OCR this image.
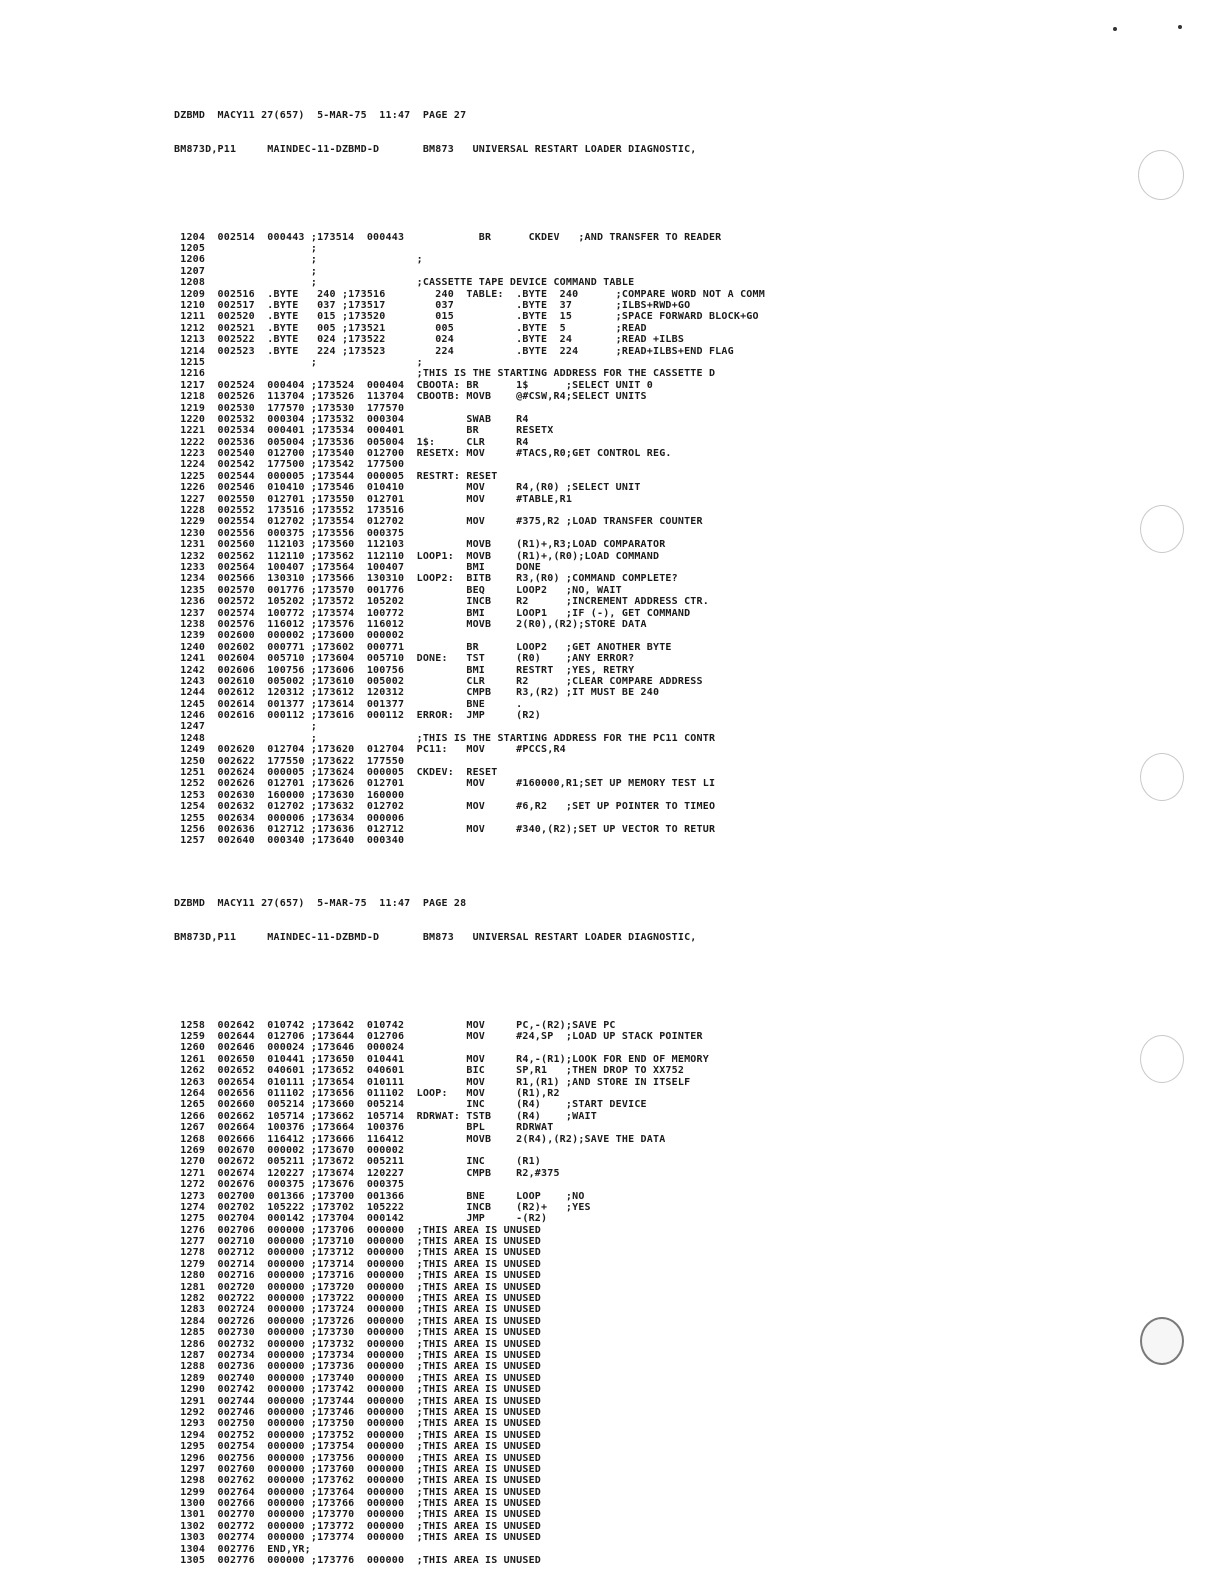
DZBMD  MACY11 27(657)  5-MAR-75  11:47  PAGE 27

BM873D,P11     MAINDEC-11-DZBMD-D       BM873   UNIVERSAL RESTART LOADER DIAGNOSTIC,

1204  002514  000443 ;173514  000443            BR      CKDEV   ;AND TRANSFER TO READER
1205                 ;
1206                 ;                ;
1207                 ;
1208                 ;                ;CASSETTE TAPE DEVICE COMMAND TABLE
1209  002516  .BYTE   240 ;173516        240  TABLE:  .BYTE  240      ;COMPARE WORD NOT A COMM
1210  002517  .BYTE   037 ;173517        037          .BYTE  37       ;ILBS+RWD+GO
1211  002520  .BYTE   015 ;173520        015          .BYTE  15       ;SPACE FORWARD BLOCK+GO
1212  002521  .BYTE   005 ;173521        005          .BYTE  5        ;READ
1213  002522  .BYTE   024 ;173522        024          .BYTE  24       ;READ +ILBS
1214  002523  .BYTE   224 ;173523        224          .BYTE  224      ;READ+ILBS+END FLAG
1215                 ;                ;
1216                                  ;THIS IS THE STARTING ADDRESS FOR THE CASSETTE D
1217  002524  000404 ;173524  000404  CBOOTA: BR      1$      ;SELECT UNIT 0
1218  002526  113704 ;173526  113704  CBOOTB: MOVB    @#CSW,R4;SELECT UNITS
1219  002530  177570 ;173530  177570
1220  002532  000304 ;173532  000304          SWAB    R4
1221  002534  000401 ;173534  000401          BR      RESETX
1222  002536  005004 ;173536  005004  1$:     CLR     R4
1223  002540  012700 ;173540  012700  RESETX: MOV     #TACS,R0;GET CONTROL REG.
1224  002542  177500 ;173542  177500
1225  002544  000005 ;173544  000005  RESTRT: RESET
1226  002546  010410 ;173546  010410          MOV     R4,(R0) ;SELECT UNIT
1227  002550  012701 ;173550  012701          MOV     #TABLE,R1
1228  002552  173516 ;173552  173516
1229  002554  012702 ;173554  012702          MOV     #375,R2 ;LOAD TRANSFER COUNTER
1230  002556  000375 ;173556  000375
1231  002560  112103 ;173560  112103          MOVB    (R1)+,R3;LOAD COMPARATOR
1232  002562  112110 ;173562  112110  LOOP1:  MOVB    (R1)+,(R0);LOAD COMMAND
1233  002564  100407 ;173564  100407          BMI     DONE
1234  002566  130310 ;173566  130310  LOOP2:  BITB    R3,(R0) ;COMMAND COMPLETE?
1235  002570  001776 ;173570  001776          BEQ     LOOP2   ;NO, WAIT
1236  002572  105202 ;173572  105202          INCB    R2      ;INCREMENT ADDRESS CTR.
1237  002574  100772 ;173574  100772          BMI     LOOP1   ;IF (-), GET COMMAND
1238  002576  116012 ;173576  116012          MOVB    2(R0),(R2);STORE DATA
1239  002600  000002 ;173600  000002
1240  002602  000771 ;173602  000771          BR      LOOP2   ;GET ANOTHER BYTE
1241  002604  005710 ;173604  005710  DONE:   TST     (R0)    ;ANY ERROR?
1242  002606  100756 ;173606  100756          BMI     RESTRT  ;YES, RETRY
1243  002610  005002 ;173610  005002          CLR     R2      ;CLEAR COMPARE ADDRESS
1244  002612  120312 ;173612  120312          CMPB    R3,(R2) ;IT MUST BE 240
1245  002614  001377 ;173614  001377          BNE     .
1246  002616  000112 ;173616  000112  ERROR:  JMP     (R2)
1247                 ;
1248                 ;                ;THIS IS THE STARTING ADDRESS FOR THE PC11 CONTR
1249  002620  012704 ;173620  012704  PC11:   MOV     #PCCS,R4
1250  002622  177550 ;173622  177550
1251  002624  000005 ;173624  000005  CKDEV:  RESET
1252  002626  012701 ;173626  012701          MOV     #160000,R1;SET UP MEMORY TEST LI
1253  002630  160000 ;173630  160000
1254  002632  012702 ;173632  012702          MOV     #6,R2   ;SET UP POINTER TO TIMEO
1255  002634  000006 ;173634  000006
1256  002636  012712 ;173636  012712          MOV     #340,(R2);SET UP VECTOR TO RETUR
1257  002640  000340 ;173640  000340

DZBMD  MACY11 27(657)  5-MAR-75  11:47  PAGE 28

BM873D,P11     MAINDEC-11-DZBMD-D       BM873   UNIVERSAL RESTART LOADER DIAGNOSTIC,

1258  002642  010742 ;173642  010742          MOV     PC,-(R2);SAVE PC
1259  002644  012706 ;173644  012706          MOV     #24,SP  ;LOAD UP STACK POINTER
1260  002646  000024 ;173646  000024
1261  002650  010441 ;173650  010441          MOV     R4,-(R1);LOOK FOR END OF MEMORY
1262  002652  040601 ;173652  040601          BIC     SP,R1   ;THEN DROP TO XX752
1263  002654  010111 ;173654  010111          MOV     R1,(R1) ;AND STORE IN ITSELF
1264  002656  011102 ;173656  011102  LOOP:   MOV     (R1),R2
1265  002660  005214 ;173660  005214          INC     (R4)    ;START DEVICE
1266  002662  105714 ;173662  105714  RDRWAT: TSTB    (R4)    ;WAIT
1267  002664  100376 ;173664  100376          BPL     RDRWAT
1268  002666  116412 ;173666  116412          MOVB    2(R4),(R2);SAVE THE DATA
1269  002670  000002 ;173670  000002
1270  002672  005211 ;173672  005211          INC     (R1)
1271  002674  120227 ;173674  120227          CMPB    R2,#375
1272  002676  000375 ;173676  000375
1273  002700  001366 ;173700  001366          BNE     LOOP    ;NO
1274  002702  105222 ;173702  105222          INCB    (R2)+   ;YES
1275  002704  000142 ;173704  000142          JMP     -(R2)
1276  002706  000000 ;173706  000000  ;THIS AREA IS UNUSED
1277  002710  000000 ;173710  000000  ;THIS AREA IS UNUSED
1278  002712  000000 ;173712  000000  ;THIS AREA IS UNUSED
1279  002714  000000 ;173714  000000  ;THIS AREA IS UNUSED
1280  002716  000000 ;173716  000000  ;THIS AREA IS UNUSED
1281  002720  000000 ;173720  000000  ;THIS AREA IS UNUSED
1282  002722  000000 ;173722  000000  ;THIS AREA IS UNUSED
1283  002724  000000 ;173724  000000  ;THIS AREA IS UNUSED
1284  002726  000000 ;173726  000000  ;THIS AREA IS UNUSED
1285  002730  000000 ;173730  000000  ;THIS AREA IS UNUSED
1286  002732  000000 ;173732  000000  ;THIS AREA IS UNUSED
1287  002734  000000 ;173734  000000  ;THIS AREA IS UNUSED
1288  002736  000000 ;173736  000000  ;THIS AREA IS UNUSED
1289  002740  000000 ;173740  000000  ;THIS AREA IS UNUSED
1290  002742  000000 ;173742  000000  ;THIS AREA IS UNUSED
1291  002744  000000 ;173744  000000  ;THIS AREA IS UNUSED
1292  002746  000000 ;173746  000000  ;THIS AREA IS UNUSED
1293  002750  000000 ;173750  000000  ;THIS AREA IS UNUSED
1294  002752  000000 ;173752  000000  ;THIS AREA IS UNUSED
1295  002754  000000 ;173754  000000  ;THIS AREA IS UNUSED
1296  002756  000000 ;173756  000000  ;THIS AREA IS UNUSED
1297  002760  000000 ;173760  000000  ;THIS AREA IS UNUSED
1298  002762  000000 ;173762  000000  ;THIS AREA IS UNUSED
1299  002764  000000 ;173764  000000  ;THIS AREA IS UNUSED
1300  002766  000000 ;173766  000000  ;THIS AREA IS UNUSED
1301  002770  000000 ;173770  000000  ;THIS AREA IS UNUSED
1302  002772  000000 ;173772  000000  ;THIS AREA IS UNUSED
1303  002774  000000 ;173774  000000  ;THIS AREA IS UNUSED
1304  002776  END,YR;
1305  002776  000000 ;173776  000000  ;THIS AREA IS UNUSED
